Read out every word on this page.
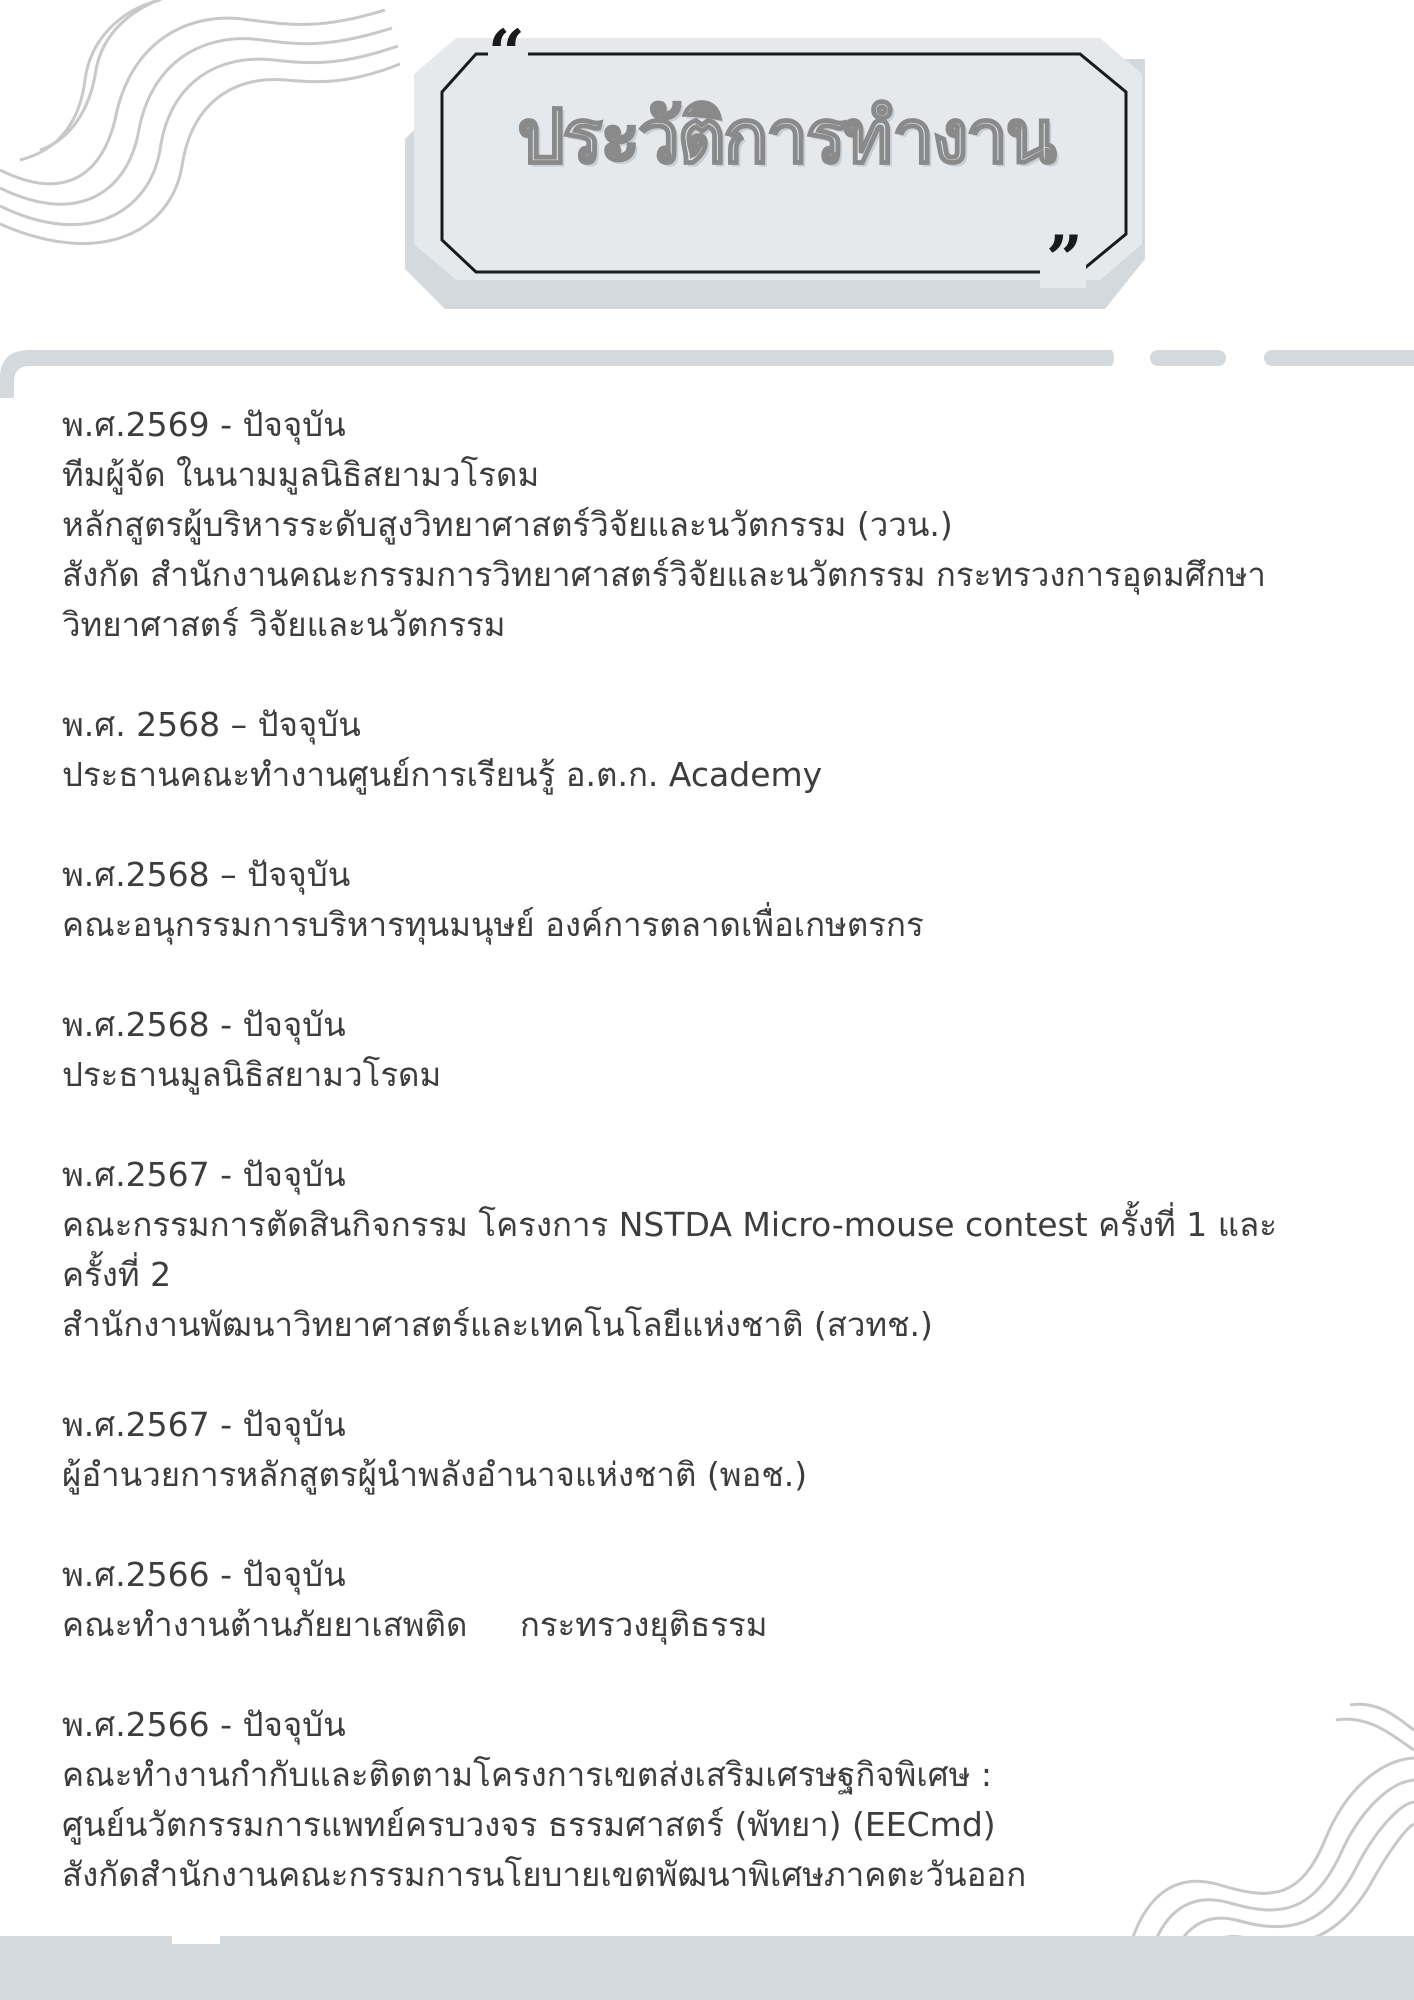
“
”
ประวัติการทำงาน
พ.ศ.2569 - ปัจจุบัน
ทีมผู้จัด ในนามมูลนิธิสยามวโรดม
หลักสูตรผู้บริหารระดับสูงวิทยาศาสตร์วิจัยและนวัตกรรม (ววน.)
สังกัด สำนักงานคณะกรรมการวิทยาศาสตร์วิจัยและนวัตกรรม กระทรวงการอุดมศึกษา
วิทยาศาสตร์ วิจัยและนวัตกรรม
พ.ศ. 2568 – ปัจจุบัน
ประธานคณะทำงานศูนย์การเรียนรู้ อ.ต.ก. Academy
พ.ศ.2568 – ปัจจุบัน
คณะอนุกรรมการบริหารทุนมนุษย์ องค์การตลาดเพื่อเกษตรกร
พ.ศ.2568 - ปัจจุบัน
ประธานมูลนิธิสยามวโรดม
พ.ศ.2567 - ปัจจุบัน
คณะกรรมการตัดสินกิจกรรม โครงการ NSTDA Micro-mouse contest ครั้งที่ 1 และ
ครั้งที่ 2
สำนักงานพัฒนาวิทยาศาสตร์และเทคโนโลยีแห่งชาติ (สวทช.)
พ.ศ.2567 - ปัจจุบัน
ผู้อำนวยการหลักสูตรผู้นำพลังอำนาจแห่งชาติ (พอช.)
พ.ศ.2566 - ปัจจุบัน
คณะทำงานต้านภัยยาเสพติด     กระทรวงยุติธรรม
พ.ศ.2566 - ปัจจุบัน
คณะทำงานกำกับและติดตามโครงการเขตส่งเสริมเศรษฐกิจพิเศษ :
ศูนย์นวัตกรรมการแพทย์ครบวงจร ธรรมศาสตร์ (พัทยา) (EECmd)
สังกัดสำนักงานคณะกรรมการนโยบายเขตพัฒนาพิเศษภาคตะวันออก
